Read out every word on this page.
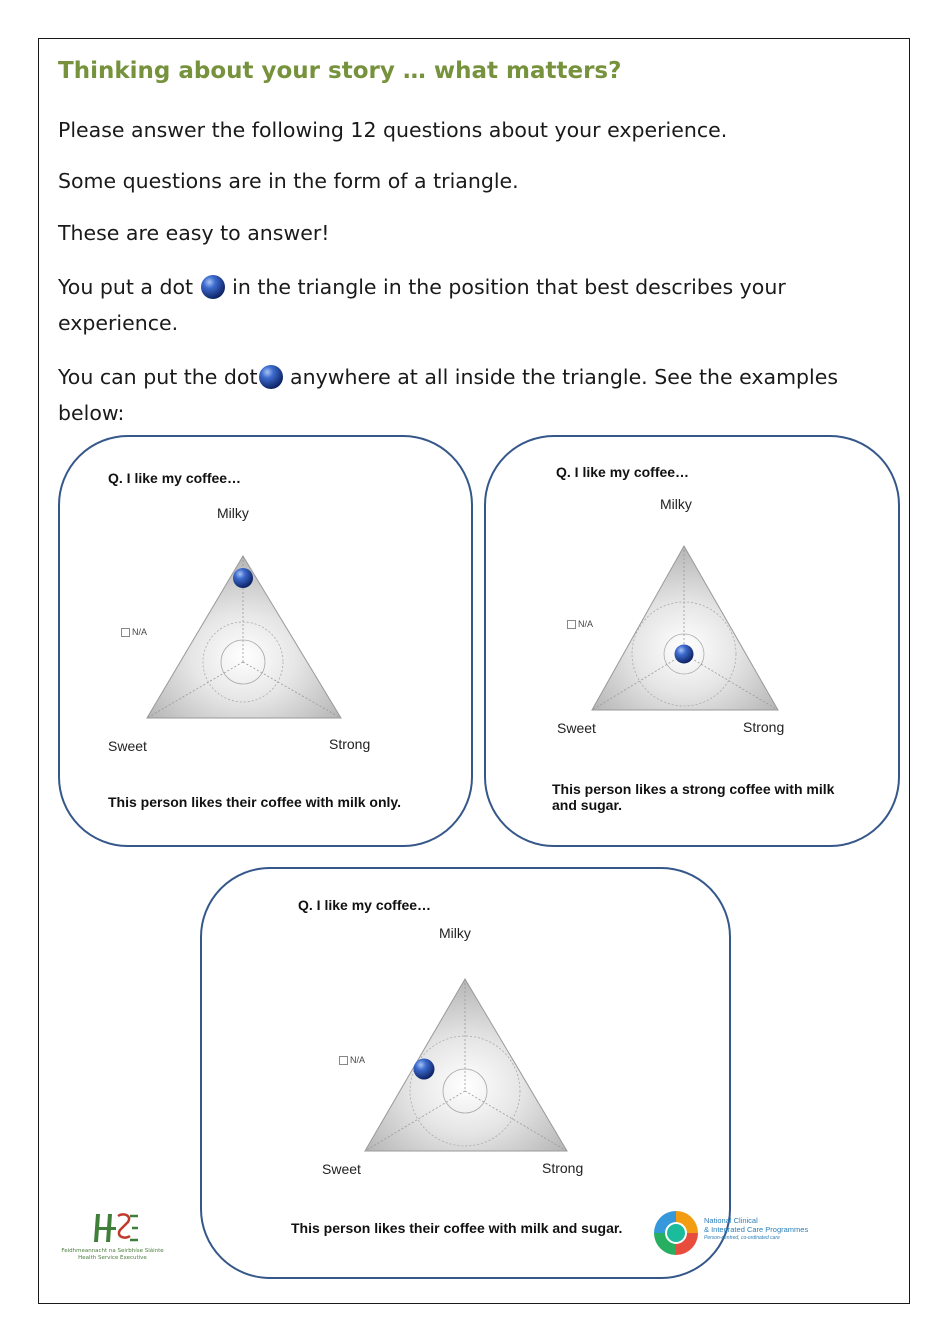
Thinking about your story … what matters?

Please answer the following 12 questions about your experience.

Some questions are in the form of a triangle.

These are easy to answer!

You put a dot  in the triangle in the position that best describes your experience.

You can put the dot anywhere at all inside the triangle. See the examples below:

Q. I like my coffee…
Milky
N/A
Sweet	Strong
This person likes their coffee with milk only.
Q. I like my coffee…
Milky
N/A
Sweet	Strong
This person likes a strong coffee with milk and sugar.
Q. I like my coffee…
Milky
N/A
Sweet	Strong
This person likes their coffee with milk and sugar.
Feidhmeannacht na Seirbhíse Sláinte
Health Service Executive
National Clinical
& Integrated Care Programmes
Person-centred, co-ordinated care
